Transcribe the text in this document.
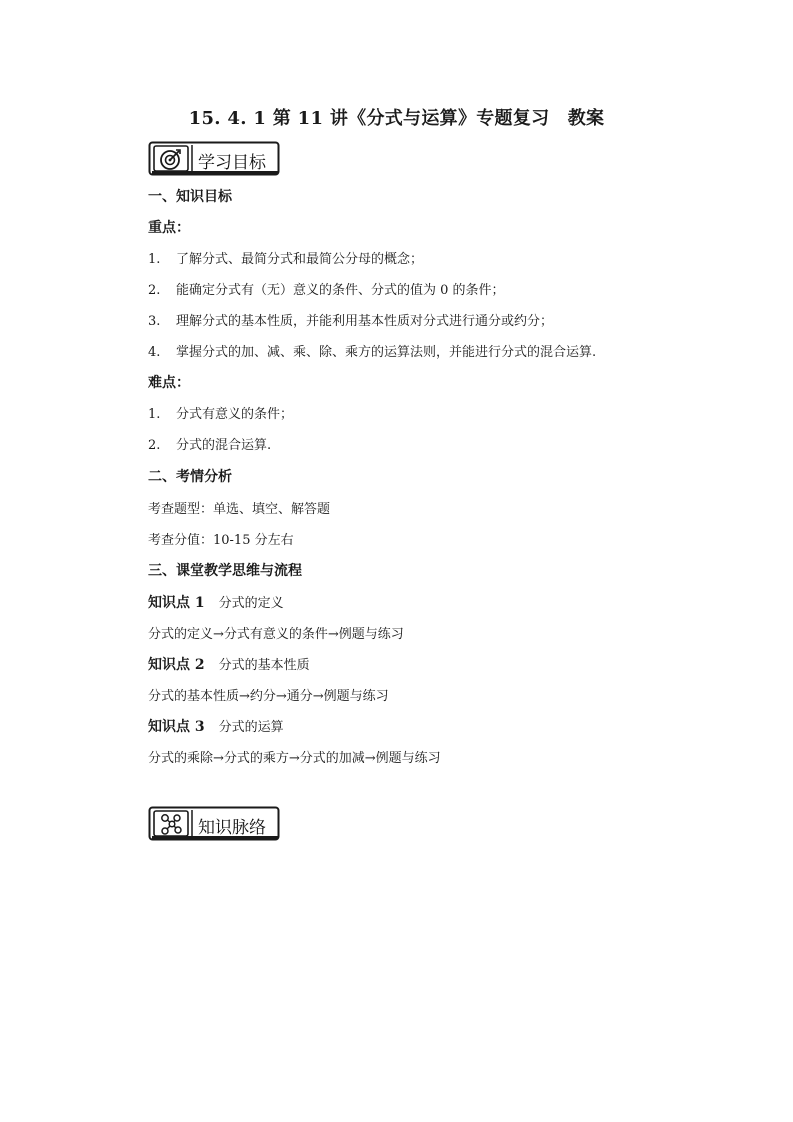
15. 4. 1 第 11 讲《分式与运算》专题复习　教案
学习目标
一、知识目标
重点：
1. 了解分式、最简分式和最简公分母的概念；
2. 能确定分式有（无）意义的条件、分式的值为 0 的条件；
3. 理解分式的基本性质，并能利用基本性质对分式进行通分或约分；
4. 掌握分式的加、减、乘、除、乘方的运算法则，并能进行分式的混合运算.
难点：
1. 分式有意义的条件；
2. 分式的混合运算.
二、考情分析
考查题型：单选、填空、解答题
考查分值：10-15 分左右
三、课堂教学思维与流程
知识点 1 分式的定义
分式的定义→分式有意义的条件→例题与练习
知识点 2 分式的基本性质
分式的基本性质→约分→通分→例题与练习
知识点 3 分式的运算
分式的乘除→分式的乘方→分式的加减→例题与练习
知识脉络
